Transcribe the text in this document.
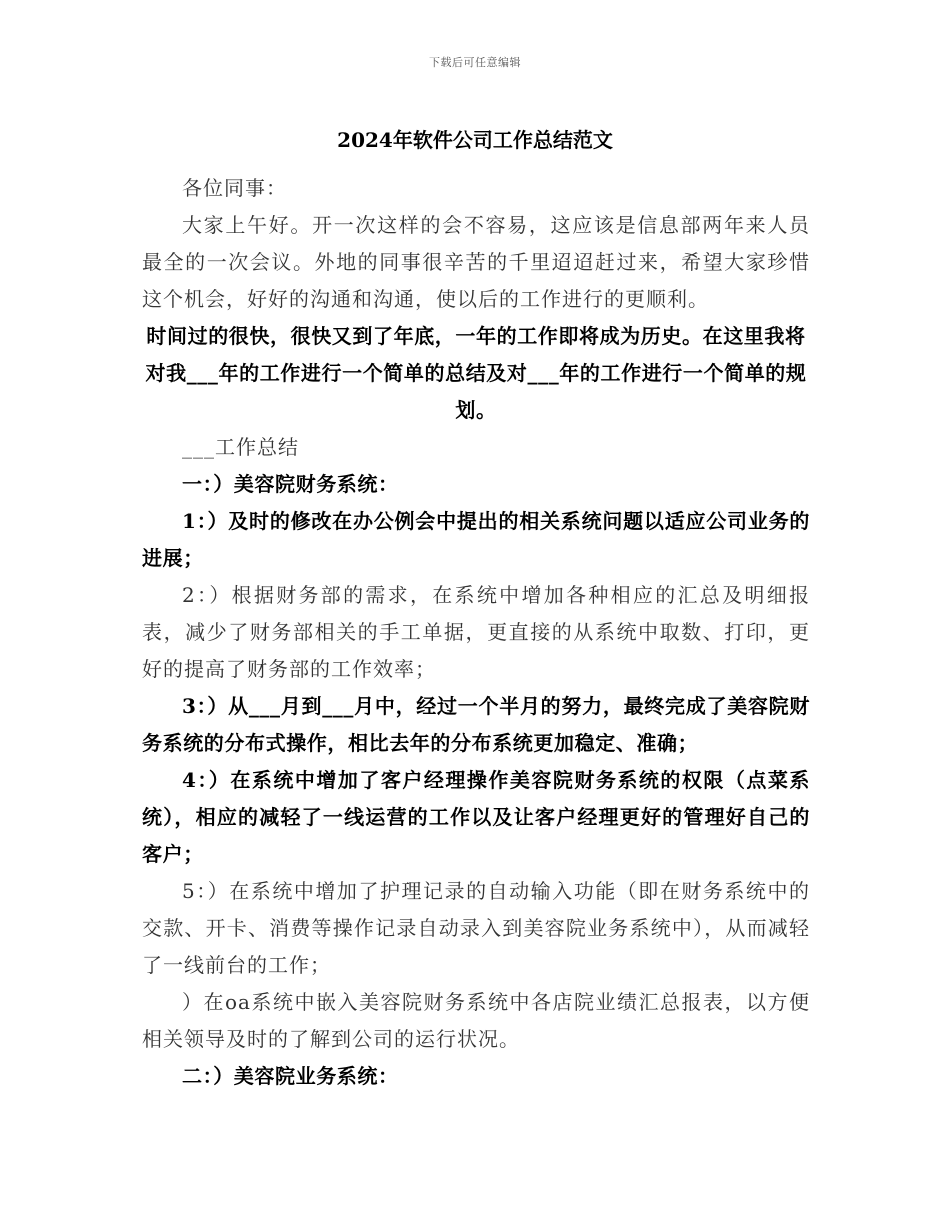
下载后可任意编辑
2024年软件公司工作总结范文

各位同事：

大家上午好。开一次这样的会不容易，这应该是信息部两年来人员最全的一次会议。外地的同事很辛苦的千里迢迢赶过来，希望大家珍惜这个机会，好好的沟通和沟通，使以后的工作进行的更顺利。

时间过的很快，很快又到了年底，一年的工作即将成为历史。在这里我将对我___年的工作进行一个简单的总结及对___年的工作进行一个简单的规划。

___工作总结

一：）美容院财务系统：

1：）及时的修改在办公例会中提出的相关系统问题以适应公司业务的进展；

2：）根据财务部的需求，在系统中增加各种相应的汇总及明细报表，减少了财务部相关的手工单据，更直接的从系统中取数、打印，更好的提高了财务部的工作效率；

3：）从___月到___月中，经过一个半月的努力，最终完成了美容院财务系统的分布式操作，相比去年的分布系统更加稳定、准确；

4：）在系统中增加了客户经理操作美容院财务系统的权限（点菜系统），相应的减轻了一线运营的工作以及让客户经理更好的管理好自己的客户；

5：）在系统中增加了护理记录的自动输入功能（即在财务系统中的交款、开卡、消费等操作记录自动录入到美容院业务系统中），从而减轻了一线前台的工作；

）在oa系统中嵌入美容院财务系统中各店院业绩汇总报表，以方便相关领导及时的了解到公司的运行状况。

二：）美容院业务系统：
